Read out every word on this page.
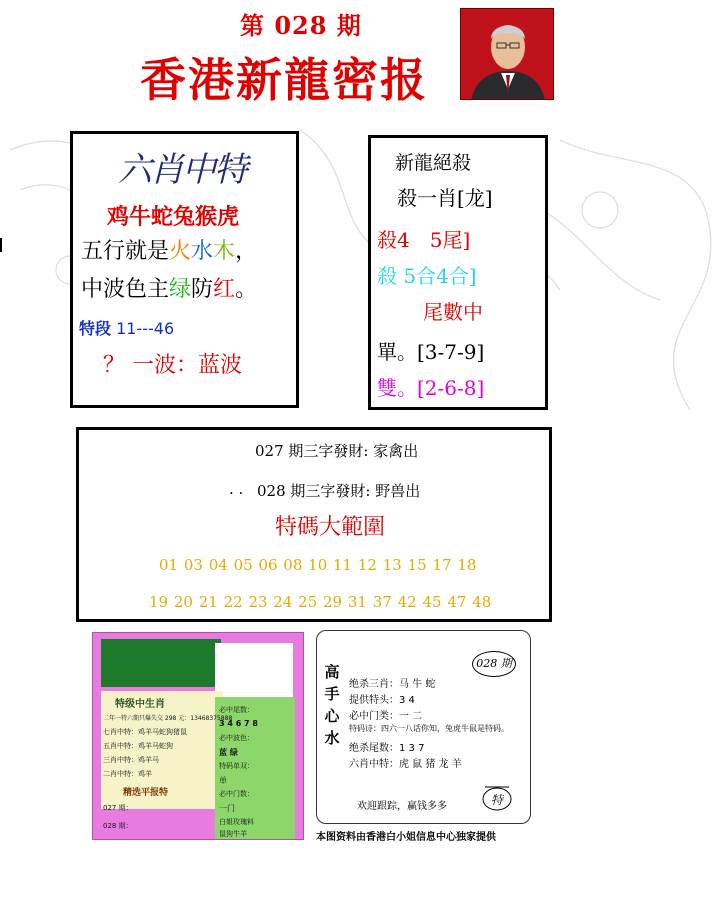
第 028 期
香港新龍密报
六肖中特
鸡牛蛇兔猴虎
五行就是火水木，
中波色主绿防红。
特段 11---46
？ 一波：蓝波
新龍絕殺
殺一肖[龙]
殺4　5尾]
殺 5合4合]
尾數中
單。[3-7-9]
雙。[2-6-8]
027 期三字發財: 家禽出
. . 028 期三字發財: 野兽出
特碼大範圍
01 03 04 05 06 08 10 11 12 13 15 17 18
19 20 21 22 23 24 25 29 31 37 42 45 47 48
特级中生肖
二年一特六期只爆失交 298 元：13468375888
七肖中特：鸡羊马蛇狗猪鼠
五肖中特：鸡羊马蛇狗
三肖中特：鸡羊马
二肖中特：鸡羊
精选平报特
027 期：
028 期：
必中尾数：
3 4 6 7 8
必中波色：
蓝 绿
特码单双：
单
必中门数：
一门
白姐玫瑰料
鼠狗牛羊
高
手
心
水
028 期
绝杀三肖：马 牛 蛇
提供特头：3 4
必中门类：一 二
特码诗：四六一八话你知，兔虎牛鼠是特码。
绝杀尾数：1 3 7
六肖中特：虎 鼠 猪 龙 羊
欢迎跟踪，赢钱多多	特
本图资料由香港白小姐信息中心独家提供
